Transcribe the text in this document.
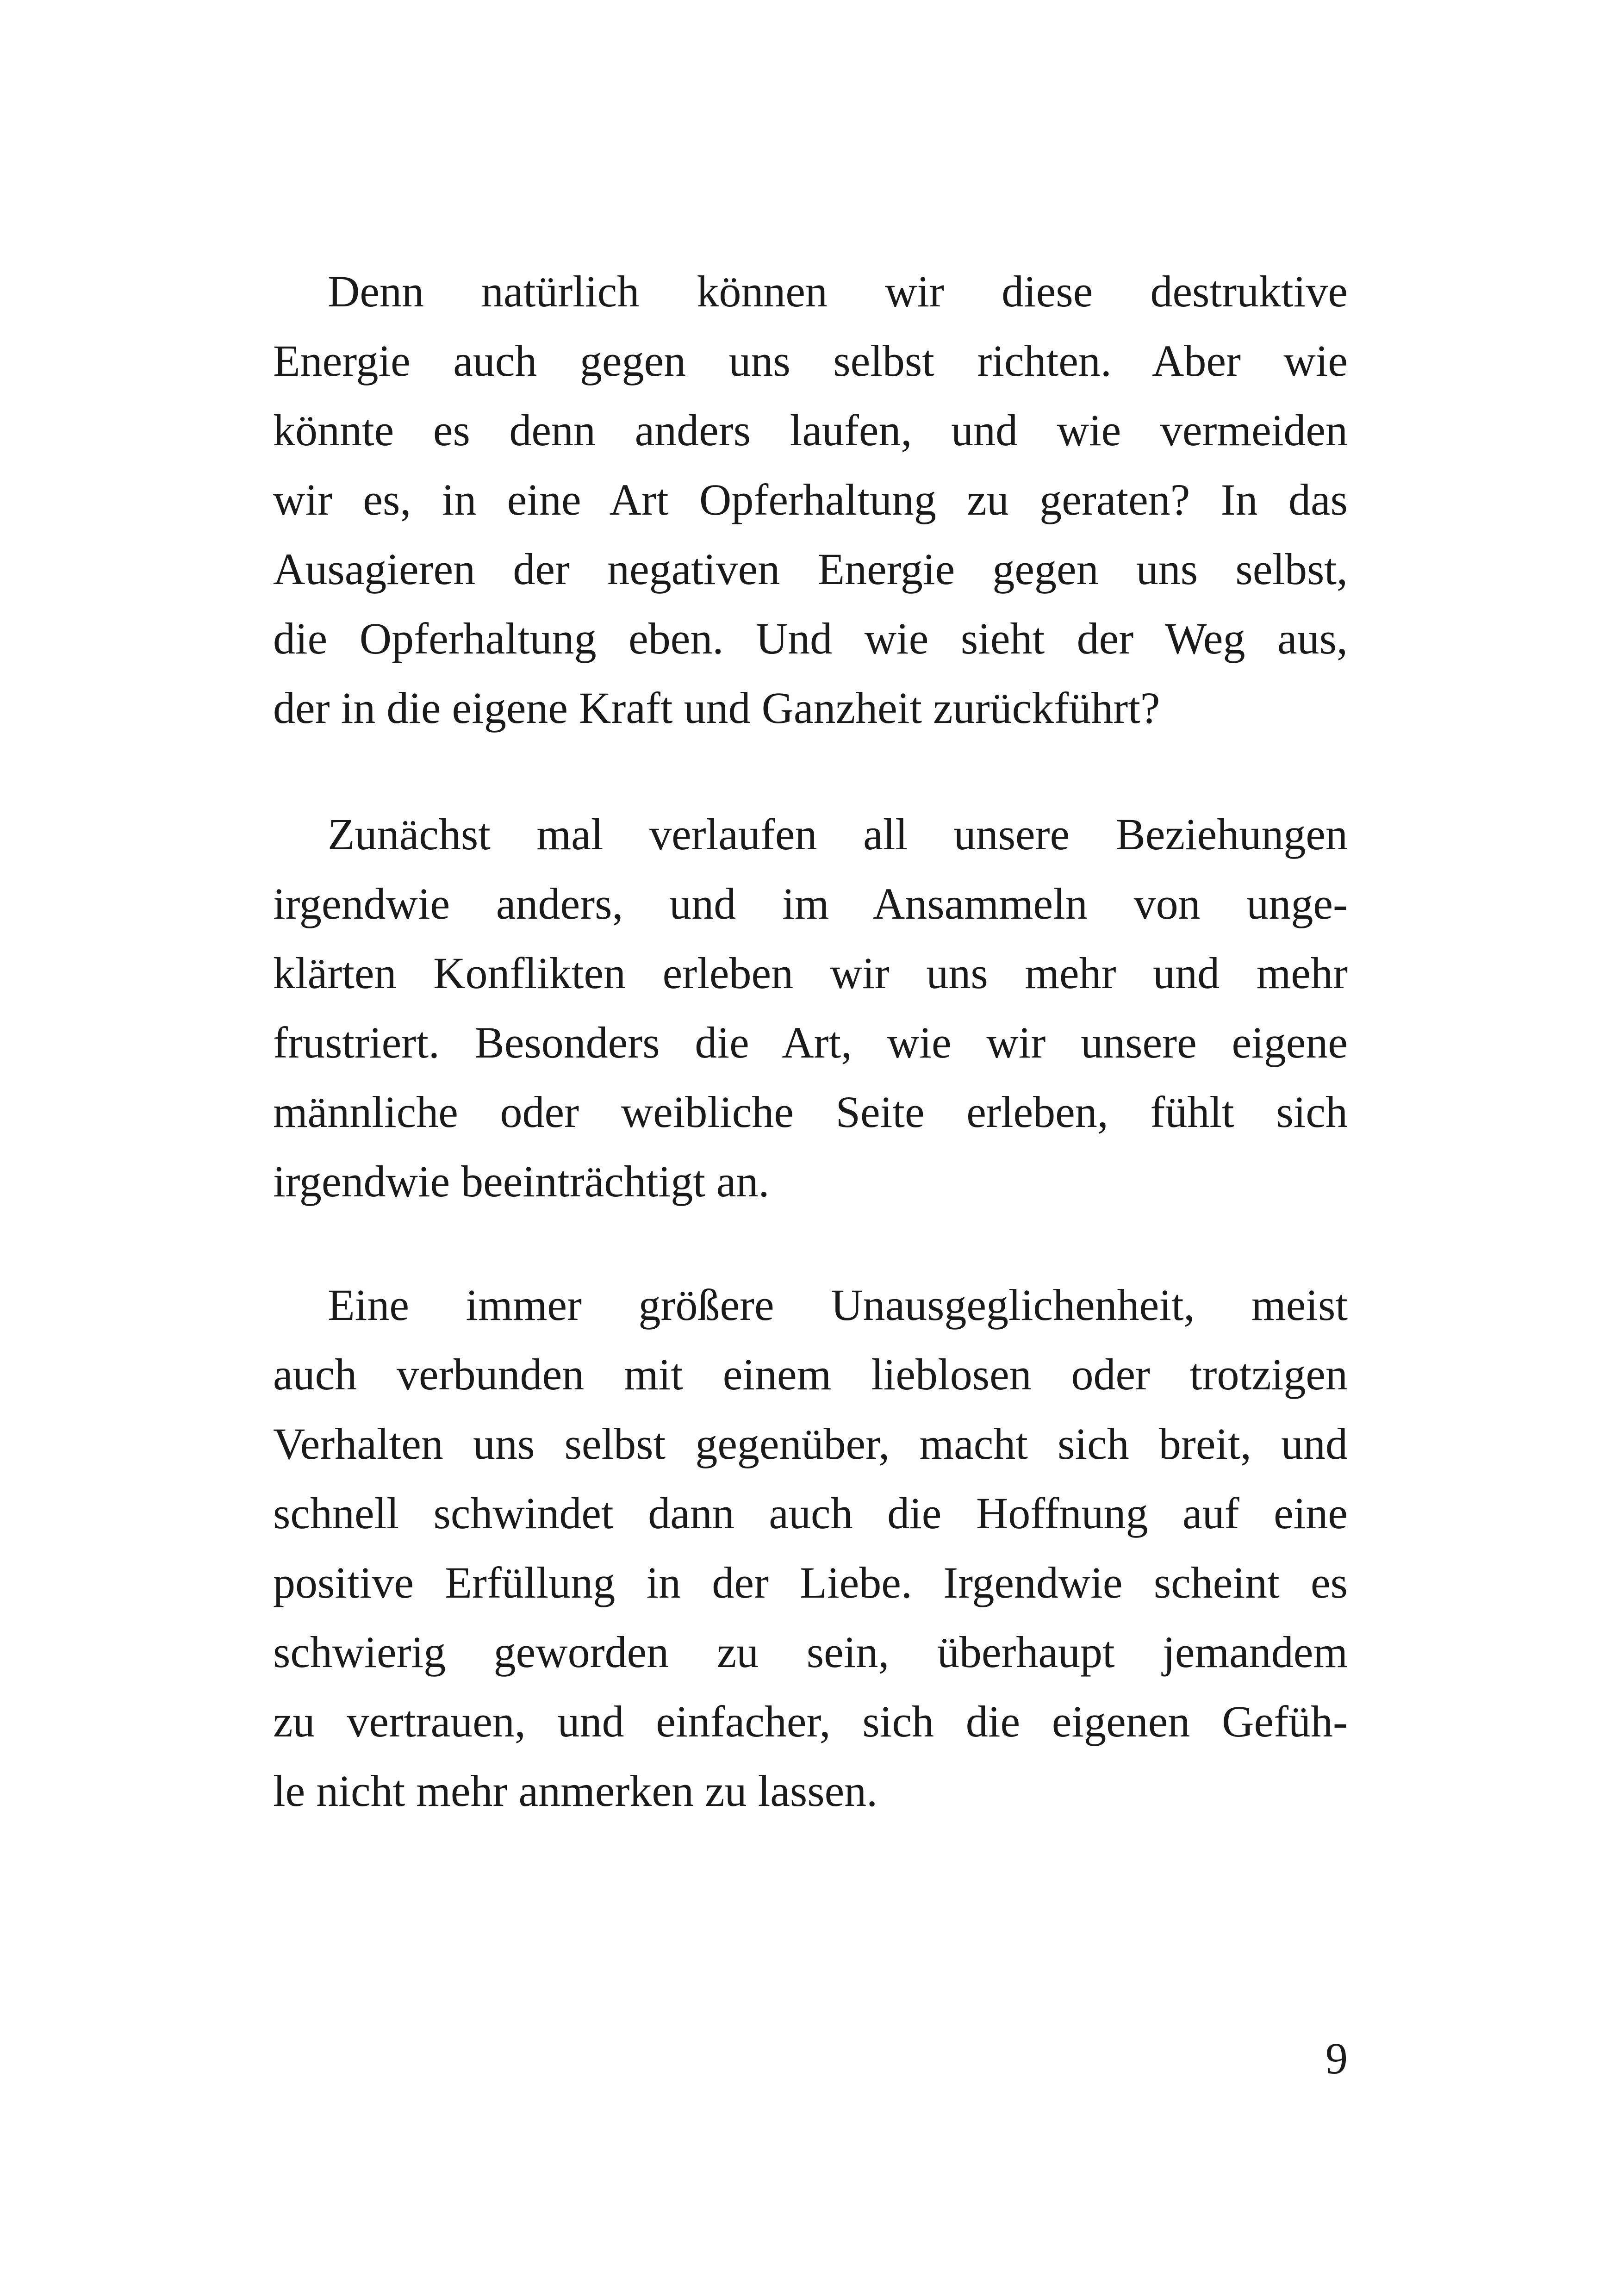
Denn natürlich können wir diese destruktive
Energie auch gegen uns selbst richten. Aber wie
könnte es denn anders laufen, und wie vermeiden
wir es, in eine Art Opferhaltung zu geraten? In das
Ausagieren der negativen Energie gegen uns selbst,
die Opferhaltung eben. Und wie sieht der Weg aus,
der in die eigene Kraft und Ganzheit zurückführt?
Zunächst mal verlaufen all unsere Beziehungen
irgendwie anders, und im Ansammeln von unge-
klärten Konflikten erleben wir uns mehr und mehr
frustriert. Besonders die Art, wie wir unsere eigene
männliche oder weibliche Seite erleben, fühlt sich
irgendwie beeinträchtigt an.
Eine immer größere Unausgeglichenheit, meist
auch verbunden mit einem lieblosen oder trotzigen
Verhalten uns selbst gegenüber, macht sich breit, und
schnell schwindet dann auch die Hoffnung auf eine
positive Erfüllung in der Liebe. Irgendwie scheint es
schwierig geworden zu sein, überhaupt jemandem
zu vertrauen, und einfacher, sich die eigenen Gefüh-
le nicht mehr anmerken zu lassen.
9
